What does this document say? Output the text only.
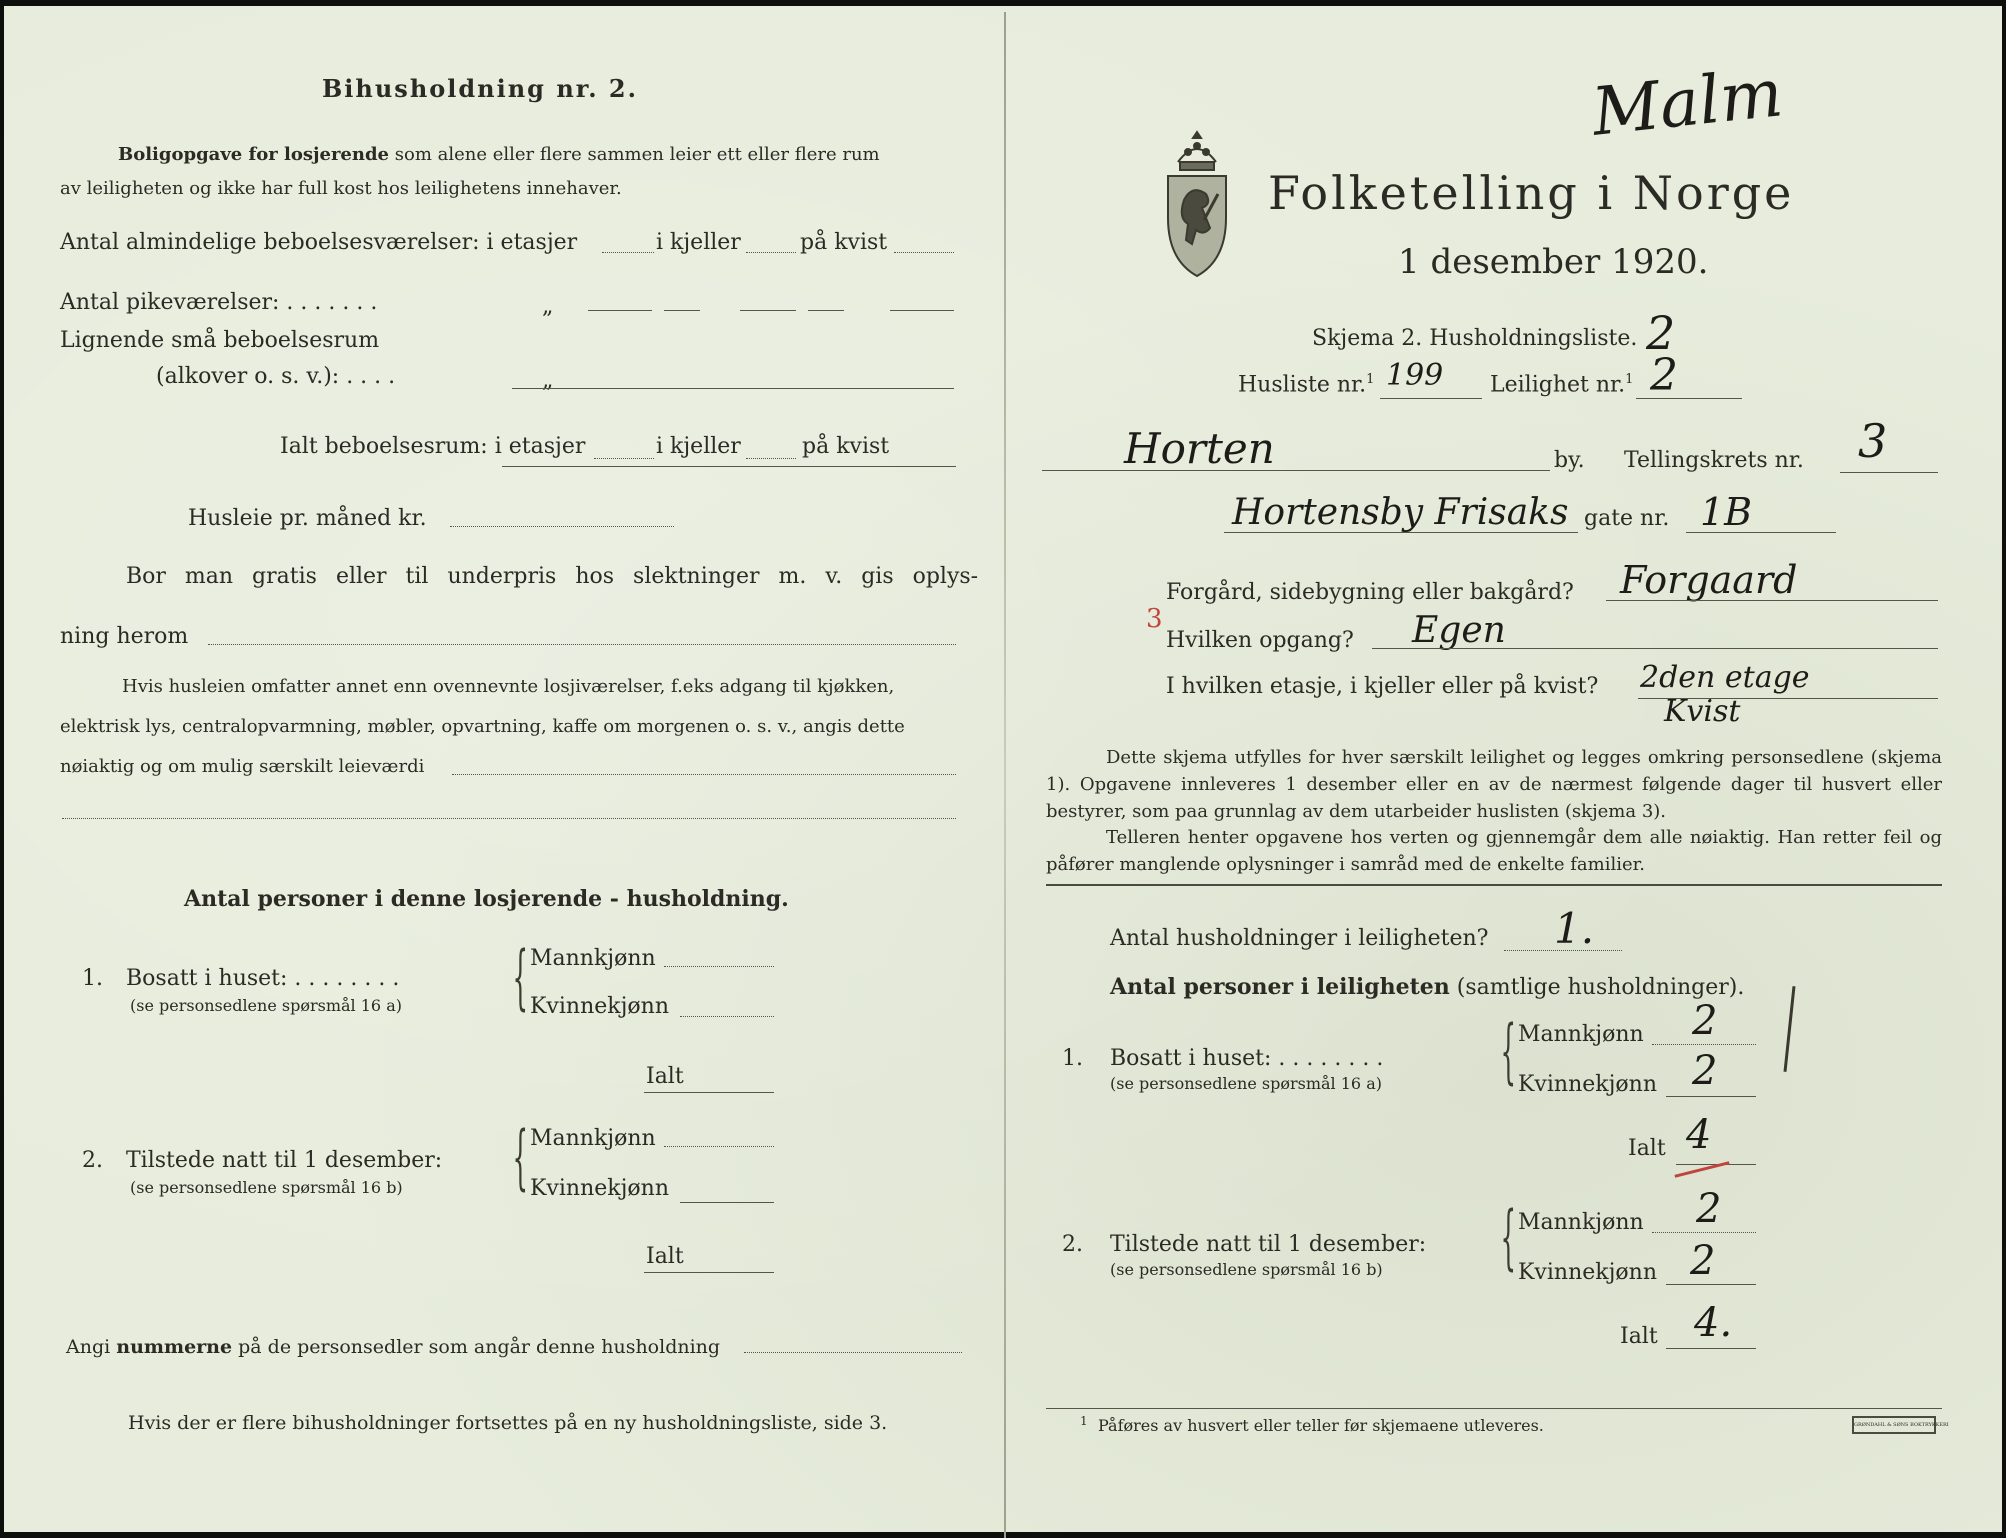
Bihusholdning nr. 2.
Boligopgave for losjerende som alene eller flere sammen leier ett eller flere rum
av leiligheten og ikke har full kost hos leilighetens innehaver.
Antal almindelige beboelsesværelser: i etasjer	i kjeller	på kvist
Antal pikeværelser: . . . . . . .	„
Lignende små beboelsesrum
(alkover o. s. v.): . . . .	„
Ialt beboelsesrum: i etasjer	i kjeller	på kvist
Husleie pr. måned kr.
Bor man gratis eller til underpris hos slektninger m. v. gis oplys-
ning herom
Hvis husleien omfatter annet enn ovennevnte losjiværelser, f.eks adgang til kjøkken,
elektrisk lys, centralopvarmning, møbler, opvartning, kaffe om morgenen o. s. v., angis dette
nøiaktig og om mulig særskilt leieværdi
Antal personer i denne losjerende - husholdning.
1. Bosatt i huset: . . . . . . . .
(se personsedlene spørsmål 16 a) { Mannkjønn
Kvinnekjønn
Ialt
2. Tilstede natt til 1 desember:
(se personsedlene spørsmål 16 b) { Mannkjønn
Kvinnekjønn
Ialt
Angi nummerne på de personsedler som angår denne husholdning
Hvis der er flere bihusholdninger fortsettes på en ny husholdningsliste, side 3.
Folketelling i Norge
1 desember 1920.
Skjema 2. Husholdningsliste. 2
Husliste nr.$^1$ 199 Leilighet nr.$^1$ 2
Horten	by. Tellingskrets nr. 3
Hortensby Frisaks gate nr. 1B
Forgård, sidebygning eller bakgård? Forgaard
3
Hvilken opgang? Egen
I hvilken etasje, i kjeller eller på kvist? 2den etage
Kvist
Dette skjema utfylles for hver særskilt leilighet og legges omkring personsedlene (skjema 1). Opgavene innleveres 1 desember eller en av de nærmest følgende dager til husvert eller bestyrer, som paa grunnlag av dem utarbeider huslisten (skjema 3).
Telleren henter opgavene hos verten og gjennemgår dem alle nøiaktig. Han retter feil og påfører manglende oplysninger i samråd med de enkelte familier.
Antal husholdninger i leiligheten? 1.
Antal personer i leiligheten (samtlige husholdninger).
1. Bosatt i huset: . . . . . . . .
(se personsedlene spørsmål 16 a) { Mannkjønn 2
Kvinnekjønn 2
Ialt 4
2. Tilstede natt til 1 desember:
(se personsedlene spørsmål 16 b) { Mannkjønn 2
Kvinnekjønn 2
Ialt 4.
1 Påføres av husvert eller teller før skjemaene utleveres.	GRØNDAHL & SØNS BOKTRYKKERI
Malm
